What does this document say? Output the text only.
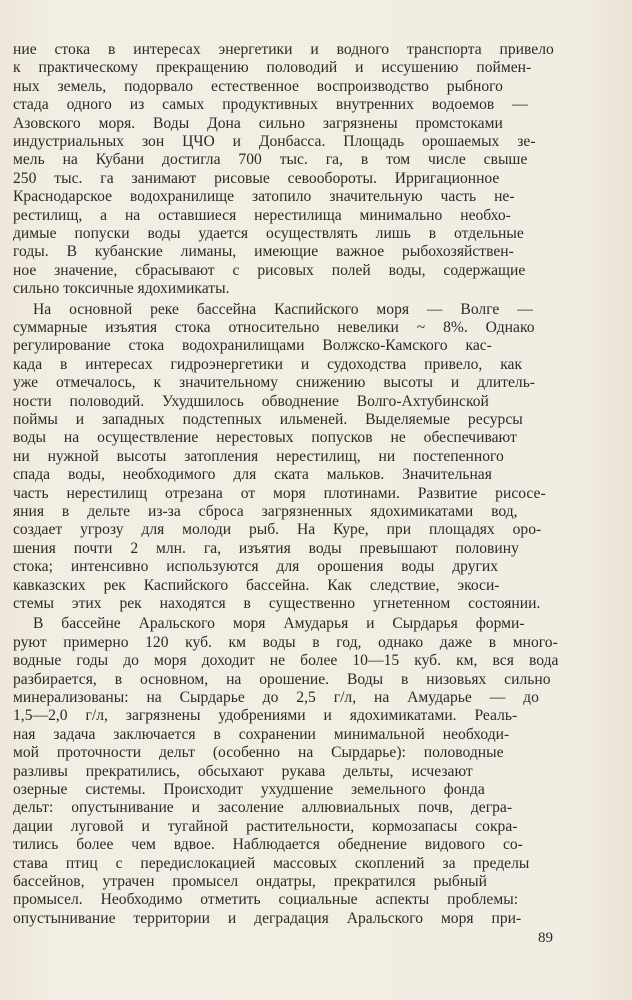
ние стока в интересах энергетики и водного транспорта привело
к практическому прекращению половодий и иссушению поймен-
ных земель, подорвало естественное воспроизводство рыбного
стада одного из самых продуктивных внутренних водоемов —
Азовского моря. Воды Дона сильно загрязнены промстоками
индустриальных зон ЦЧО и Донбасса. Площадь орошаемых зе-
мель на Кубани достигла 700 тыс. га, в том числе свыше
250 тыс. га занимают рисовые севообороты. Ирригационное
Краснодарское водохранилище затопило значительную часть не-
рестилищ, а на оставшиеся нерестилища минимально необхо-
димые попуски воды удается осуществлять лишь в отдельные
годы. В кубанские лиманы, имеющие важное рыбохозяйствен-
ное значение, сбрасывают с рисовых полей воды, содержащие
сильно токсичные ядохимикаты.
На основной реке бассейна Каспийского моря — Волге —
суммарные изъятия стока относительно невелики ~ 8%. Однако
регулирование стока водохранилищами Волжско-Камского кас-
када в интересах гидроэнергетики и судоходства привело, как
уже отмечалось, к значительному снижению высоты и длитель-
ности половодий. Ухудшилось обводнение Волго-Ахтубинской
поймы и западных подстепных ильменей. Выделяемые ресурсы
воды на осуществление нерестовых попусков не обеспечивают
ни нужной высоты затопления нерестилищ, ни постепенного
спада воды, необходимого для ската мальков. Значительная
часть нерестилищ отрезана от моря плотинами. Развитие рисосе-
яния в дельте из-за сброса загрязненных ядохимикатами вод,
создает угрозу для молоди рыб. На Куре, при площадях оро-
шения почти 2 млн. га, изъятия воды превышают половину
стока; интенсивно используются для орошения воды других
кавказских рек Каспийского бассейна. Как следствие, экоси-
стемы этих рек находятся в существенно угнетенном состоянии.
В бассейне Аральского моря Амударья и Сырдарья форми-
руют примерно 120 куб. км воды в год, однако даже в много-
водные годы до моря доходит не более 10—15 куб. км, вся вода
разбирается, в основном, на орошение. Воды в низовьях сильно
минерализованы: на Сырдарье до 2,5 г/л, на Амударье — до
1,5—2,0 г/л, загрязнены удобрениями и ядохимикатами. Реаль-
ная задача заключается в сохранении минимальной необходи-
мой проточности дельт (особенно на Сырдарье): половодные
разливы прекратились, обсыхают рукава дельты, исчезают
озерные системы. Происходит ухудшение земельного фонда
дельт: опустынивание и засоление аллювиальных почв, дегра-
дации луговой и тугайной растительности, кормозапасы сокра-
тились более чем вдвое. Наблюдается обеднение видового со-
става птиц с передислокацией массовых скоплений за пределы
бассейнов, утрачен промысел ондатры, прекратился рыбный
промысел. Необходимо отметить социальные аспекты проблемы:
опустынивание территории и деградация Аральского моря при-
89
